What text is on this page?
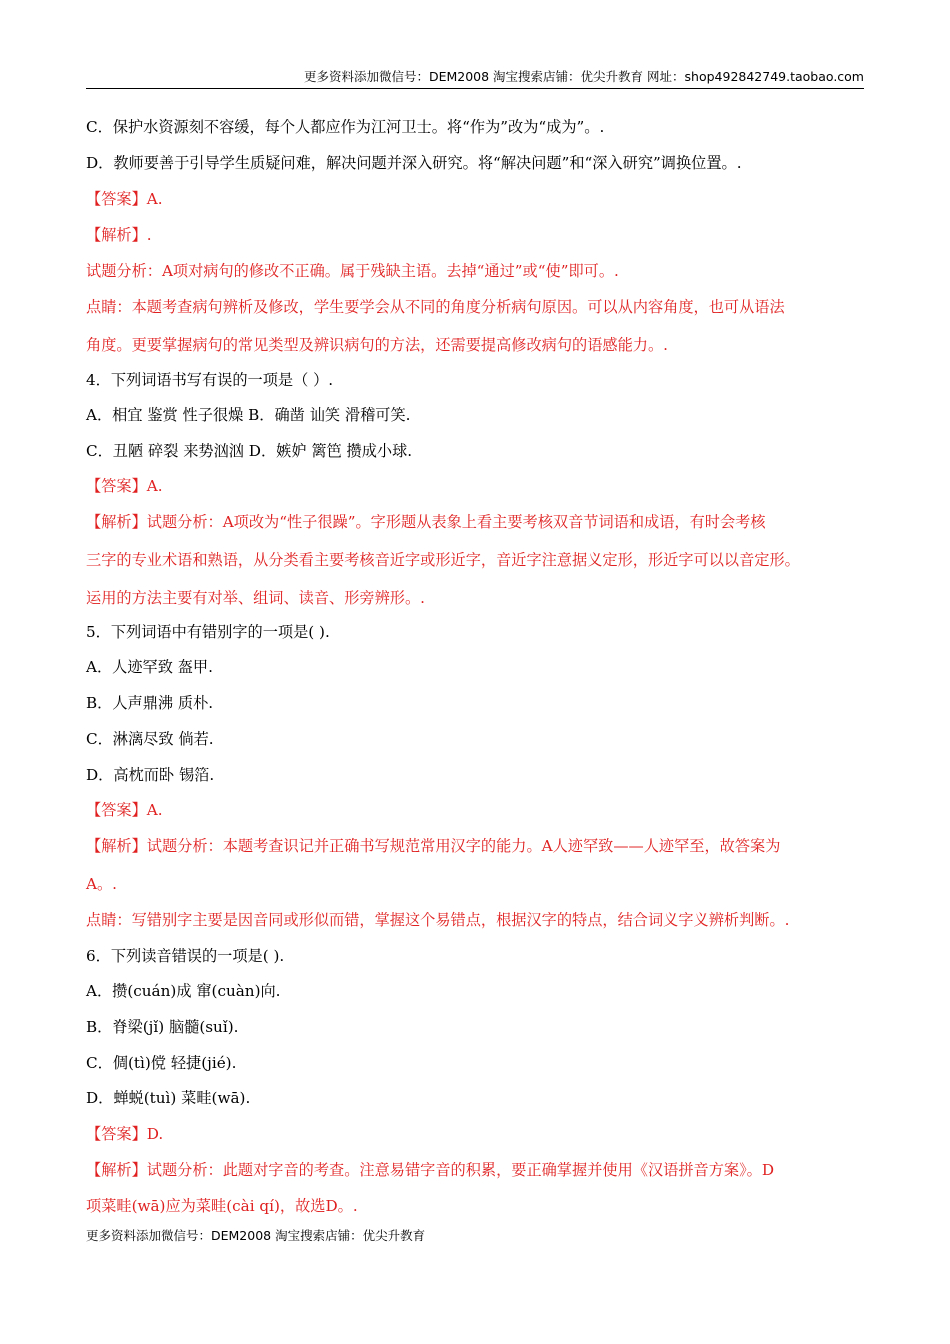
更多资料添加微信号：DEM2008 淘宝搜索店铺：优尖升教育 网址：shop492842749.taobao.com
C．保护水资源刻不容缓，每个人都应作为江河卫士。将“作为”改为“成为”。.
D．教师要善于引导学生质疑问难，解决问题并深入研究。将“解决问题”和“深入研究”调换位置。.
【答案】A.
【解析】.
试题分析：A项对病句的修改不正确。属于残缺主语。去掉“通过”或“使”即可。.
点睛：本题考查病句辨析及修改，学生要学会从不同的角度分析病句原因。可以从内容角度，也可从语法
角度。更要掌握病句的常见类型及辨识病句的方法，还需要提高修改病句的语感能力。.
4．下列词语书写有误的一项是（ ）.
A．相宜 鉴赏 性子很燥 B．确凿 讪笑 滑稽可笑.
C．丑陋 碎裂 来势汹汹 D．嫉妒 篱笆 攒成小球.
【答案】A.
【解析】试题分析：A项改为“性子很躁”。字形题从表象上看主要考核双音节词语和成语，有时会考核
三字的专业术语和熟语，从分类看主要考核音近字或形近字，音近字注意据义定形，形近字可以以音定形。
运用的方法主要有对举、组词、读音、形旁辨形。.
5．下列词语中有错别字的一项是( ).
A．人迹罕致 盔甲.
B．人声鼎沸 质朴.
C．淋漓尽致 倘若.
D．高枕而卧 锡箔.
【答案】A.
【解析】试题分析：本题考查识记并正确书写规范常用汉字的能力。A人迹罕致——人迹罕至，故答案为
A。.
点睛：写错别字主要是因音同或形似而错，掌握这个易错点，根据汉字的特点，结合词义字义辨析判断。.
6．下列读音错误的一项是( ).
A．攒(cuán)成 窜(cuàn)向.
B．脊梁(jǐ) 脑髓(suǐ).
C．倜(tì)傥 轻捷(jié).
D．蝉蜕(tuì) 菜畦(wā).
【答案】D.
【解析】试题分析：此题对字音的考查。注意易错字音的积累，要正确掌握并使用《汉语拼音方案》。D
项菜畦(wā)应为菜畦(cài qí)，故选D。.
更多资料添加微信号：DEM2008 淘宝搜索店铺：优尖升教育
